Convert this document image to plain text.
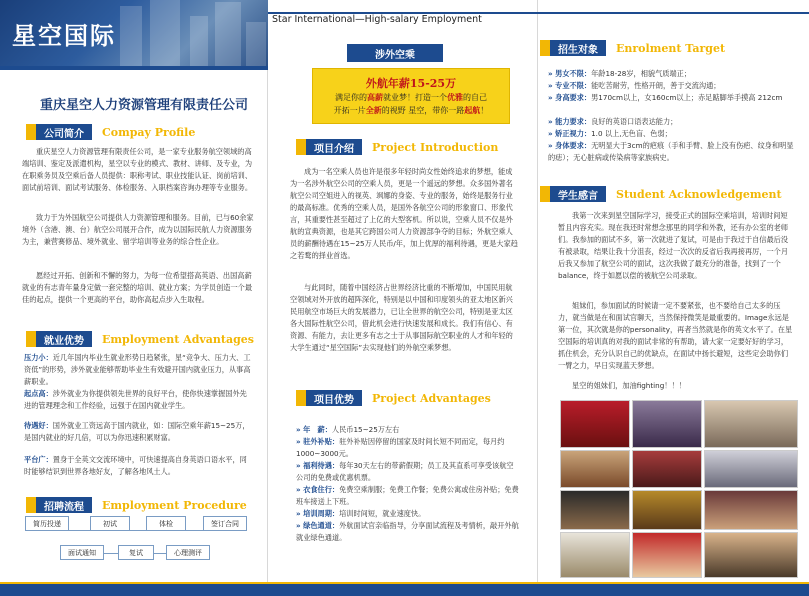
星空国际
重庆星空人力资源管理有限责任公司
公司简介	Compay Profile
重庆星空人力资源管理有限责任公司，是一家专业服务航空领域的高端培训、鉴定及派遣机构，星空以专业的模式、教材、讲师、及专业，为在职乘务员及空乘后备人员提供：职称考试、职业技能认证、岗前培训、面试前培训、面试考试服务、体检服务、入职档案咨询办理等专业服务。
致力于为外国航空公司提供人力资源管理和服务。目前，已与60余家境外（含港、澳、台）航空公司展开合作，成为以国际民航人力资源服务为主，兼营赛修品、境外就业、留学培训等业务的综合性企业。
愿经过开拓、创新和不懈的努力，为每一位希望搭高英语、出国高薪就业的有志青年量身定做一套完整的培训、就业方案；为学员创造一个最佳的起点，提供一个更高的平台，助你高起点步入生取程。
就业优势	Employment Advantages
压力小：近几年国内毕业生就业形势日趋紧张，星“竞争大、压力大、工资低”的形势，涉外就业能够帮助毕业生有效避开国内就业压力，从事高薪职业。
起点高：涉外就业为你提供领先世界的良好平台，使你快速掌握国外先进的管理理念和工作经验，远强于在国内就业学生。
待遇好：国外就业工资远高于国内就业，如：国际空乘年薪15~25万，是国内就业的好几倍，可以为你迅速积累财富。
平台广：置身于全英文交流环境中，可快速提高自身英语口语水平，同时能够结识到世界各地好友，了解各地风土人。
招聘流程	Employment Procedure
简历投递	初试	体检	签订合同
面试通知	复试	心理测评
Star International—High-salary Employment
涉外空乘
外航年薪15-25万
满足你的高薪就业梦！打造一个优雅的自己
开拓一片全新的视野 星空，带你一路起航！
项目介绍	Project Introduction
成为一名空乘人员也许是很多年轻时尚女性始终追求的梦想，能成为一名涉外航空公司的空乘人员，更是一个遥远的梦想。众多国外著名航空公司空姐进入的视英、飒娜的身姿、专业的服务，始终是服务行业的最高标准。优秀的空乘人员，是国外各航空公司的形象窗口、形象代言，其重要性甚至超过了上亿的大型客机。所以说，空乘人员不仅是外航的宣典资源，也是其它跨国公司人力资源部争夺的目标；外航空乘人员的薪酬待遇在15~25万人民币/年，加上优厚的福利待遇，更是大家趋之若鹜的择业首选。
与此同时，随着中国经济占世界经济比重的不断增加，中国民用航空领域对外开放的超阵深化，特别是以中国和印度领头的亚太地区新兴民用航空市场巨大的发展潜力，已让全世界的航空公司，特别是亚太区各大国际性航空公司，借此机会进行快速发展和成长。我们有信心、有资源、有能力，去让更多有志之士于从事国际航空职业的人才和年轻的大学生通过“星空国际”去实现他们的外航空乘梦想。
项目优势	Project Advantages
» 年　薪：人民币15~25万左右
» 驻外补贴：驻外补贴因停留的国家及时间长短不同而定，每月约1000~3000元。
» 福利待遇：每年30天左右的带薪假期；员工及其直系可享受该航空公司的免费或优惠机票。
» 衣食住行：免费空乘制服；免费工作餐；免费公寓或住房补贴；免费班车接送上下班。
» 培训周期：培训时间短，就业速度快。
» 绿色通道：外航面试官亲临指导，分享面试流程及考情析，敲开外航就业绿色通道。
招生对象	Enrolment Target
» 男女不限：年龄18-28岁，相貌气质端正；
» 专业不限：能吃苦耐劳，性格开朗，善于交流沟通；
» 身高要求：男170cm以上，女160cm以上；赤足踮脚举手摸高 212cm
» 能力要求：良好的英语口语表达能力；
» 矫正视力：1.0 以上,无色盲、色弱；
» 身体要求：无明显大于3cm的疤痕（手和手臂、脸上没有伤疤、纹身和明显的痣）；无心脏病或传染病等家族病史。
学生感言	Student Acknowledgement
我第一次来到星空国际学习，接受正式的国际空乘培训，培训时间短暂且内容充实。现在我还时常想念那里的同学和外教，还有办公室的老师们。我参加的面试不多，第一次就进了复试，可是由于我过于自信最后没有被录取，结果让我十分沮丧，经过一次次的反省后我再接再厉，一个月后我又参加了航空公司的面试，这次我做了最充分的准备，找到了一个balance，终于如愿以偿的被航空公司录取。
姐妹们，参加面试的时候请一定不要紧张，也不要给自己太多的压力，就当做是在和面试官聊天，当然保持微笑是最重要的。Image永远是第一位，其次就是你的personality，再者当然就是你的英文水平了。在星空国际的培训真的对我的面试非常的有帮助，请大家一定要好好的学习，抓住机会，充分认识自己的优缺点，在面试中扬长避短，这些定会助你们一臂之力，早日实现蓝天梦想。
星空的姐妹们，加油fighting！！！
